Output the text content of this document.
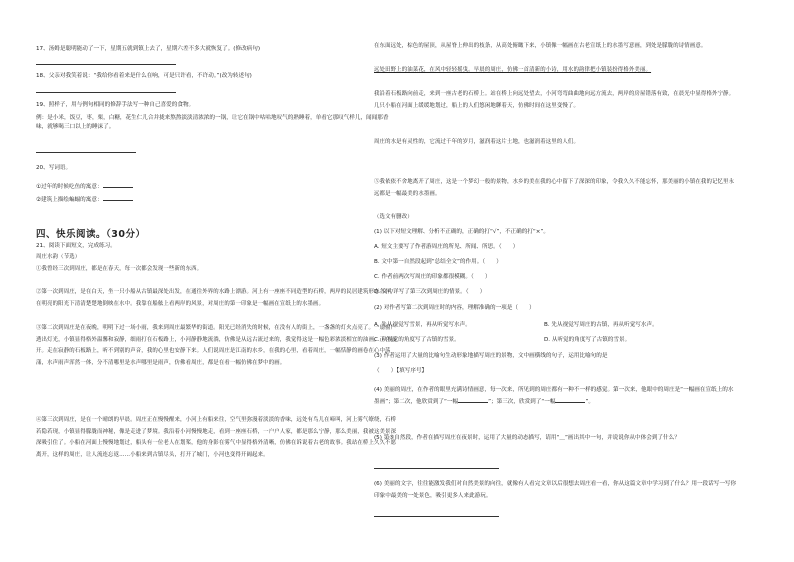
17、汤姆是聪明能动了一下，星期五就到镇上去了，星期六差不多大就恢复了。(修改病句)
18、父亲对我笑着说：“我给你看着来是什么在响，可是只许看，不许动。”(改为转述句)
19、照样子，用与例句相同的修辞手法写一种自己喜爱的食物。
例：是小米，饭豆，枣，栗，白糖，花生仁儿合并拢来熬熬淡淡清浓浓的一锅，让它在锅中咕咕地叹气的熟睡着，单看它那叹气样儿，闻闻那香味，就够喝三口以上的睡沫了。
20、写词语。
①过年的时候吃鱼的寓意：
②建筑上描绘蝙蝠的寓意：
四、快乐阅读。（30分）
21、阅读下面短文，完成练习。
周庄水韵（节选）
①我曾经三次到周庄，都是在春天，每一次都会发现一些新的东西。
②第一次到周庄，是在白天，坐一只小船从古镇最深处出发，在通往外界的水路上漂游。河上有一座座不同造型的石桥，两岸的民居建筑形态各异，在明亮的阳光下清清楚楚地倒映在水中。我靠在船舷上看两岸的风景，对周庄的第一印象是一幅画在宣纸上的水墨画。
③第二次到周庄是在夜晚，明明下过一场小雨，我来到周庄最繁华的街道。阳光已经消失的时候，在没有人的街上，一盏盏的灯火点亮了。一扇窗户透出灯光，小镇显得格外温馨和寂静，细雨打在石板路上，小河静静地流淌，仿佛是从远古流过来的，我觉得这是一幅色彩浓淡相宜的油画，正在展开。走在寂静的石板路上，听不到别的声音，我的心里也安静下来。人们说周庄是江南的水乡，在我的心里，看着周庄，一幅恬静的画卷在心中荡漾，水声雨声浑然一体，分不清哪里是水声哪里是雨声，仿佛看周庄，都是在看一幅仿佛在梦中的画。
④第三次到周庄，是在一个晴朗的早晨。周庄正在慢慢醒来，小河上有船来往，空气里弥漫着淡淡的香味，远处有鸟儿在啼叫，河上雾气缭绕，石桥若隐若现，小镇显得朦胧而神秘，像是走进了梦境。我沿着小河慢慢地走，看到一座座石桥，一户户人家，都是那么宁静，那么美丽，我被这美景深深吸引住了。小船在河面上慢慢地划过，船头有一位老人在划桨，他的身影在雾气中显得格外清晰，仿佛在诉说着古老的故事。我站在桥上久久不愿离开，这样的周庄，让人流连忘返……小船来到古镇尽头，打开了城门，小河也变得开阔起来。
在东面远处，棕色的屋顶，从屋脊上伸出的枝条，从高处俯瞰下来，小镇像一幅画在古老宣纸上的水墨写意画，到处是朦胧的诗情画意。
远处田野上的油菜花，在风中轻轻摇曳。早晨的周庄，仿佛一首清新的小诗，用水的韵律把小镇装扮得格外美丽。
我沿着石板路向前走，来到一座古老的石桥上。站在桥上向远处望去，小河弯弯曲曲地向远方流去，两岸的房屋错落有致，在晨光中显得格外宁静。几只小船在河面上缓缓地划过，船上的人们悠闲地聊着天，仿佛时间在这里变慢了。
周庄的水是有灵性的，它流过千年的岁月，滋润着这片土地，也滋润着这里的人们。
⑤我依依不舍地离开了周庄，这是一个梦幻一般的景物，水乡的美在我的心中留下了深深的印象，令我久久不能忘怀，那美丽的小镇在我的记忆里永远都是一幅最美的水墨画。
（选文有删改）
(1) 以下对短文理解、分析不正确的，正确的打“√”，不正确的打“×”。
A. 短文主要写了作者游周庄的所见、所闻、所思。（　　）
B. 文中第一自然段起到“总结全文”的作用。（　　）
C. 作者前两次写周庄的印象都很模糊。（　　）
D. 文中详写了第三次到周庄的情景。（　　）
(2) 对作者写第二次到周庄时的内容，理解准确的一项是（　　）
A. 先从视觉写雪景，再从听觉写水声。	B. 先从视觉写周庄的古镇，再从听觉写水声。
C. 从视觉的角度写了古镇的雪景。	D. 从听觉的角度写了古镇的雪景。
(3) 作者运用了大量的比喻句生动形象地描写周庄的景物，文中画横线的句子，运用比喻句的是
（　　）【填写序号】
(4) 美丽的周庄，在作者的眼里充满诗情画意，每一次来，所见到的周庄都有一种不一样的感觉。第一次来，他眼中的周庄是“一幅画在宣纸上的水墨画”；第二次，他欣赏到了“一幅	”；第三次，欣赏到了“一幅	”。
(5) 第⑤自然段，作者在描写周庄在夜景时，运用了大量的动态描写，请用“＿”画出其中一句，并说说你从中体会到了什么？
(6) 美丽的文字，往往能激发我们对自然美景的向往，就像有人看完文章以后很想去周庄看一看，你从这篇文章中学习到了什么？用一段话写一写你印象中最美的一处景色，吸引更多人来此游玩。
